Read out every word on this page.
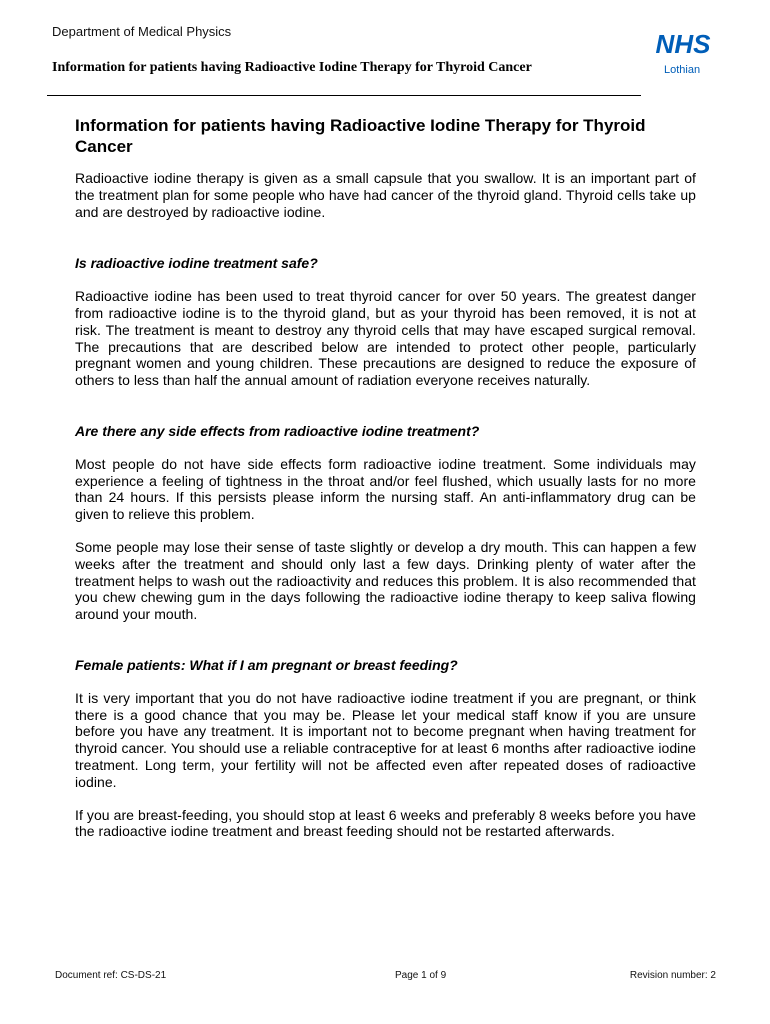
Department of Medical Physics
Information for patients having Radioactive Iodine Therapy for Thyroid Cancer
NHS
Lothian
Information for patients having Radioactive Iodine Therapy for Thyroid Cancer

Radioactive iodine therapy is given as a small capsule that you swallow. It is an important part of the treatment plan for some people who have had cancer of the thyroid gland. Thyroid cells take up and are destroyed by radioactive iodine.

Is radioactive iodine treatment safe?

Radioactive iodine has been used to treat thyroid cancer for over 50 years. The greatest danger from radioactive iodine is to the thyroid gland, but as your thyroid has been removed, it is not at risk. The treatment is meant to destroy any thyroid cells that may have escaped surgical removal. The precautions that are described below are intended to protect other people, particularly pregnant women and young children. These precautions are designed to reduce the exposure of others to less than half the annual amount of radiation everyone receives naturally.

Are there any side effects from radioactive iodine treatment?

Most people do not have side effects form radioactive iodine treatment. Some individuals may experience a feeling of tightness in the throat and/or feel flushed, which usually lasts for no more than 24 hours. If this persists please inform the nursing staff. An anti-inflammatory drug can be given to relieve this problem.

Some people may lose their sense of taste slightly or develop a dry mouth. This can happen a few weeks after the treatment and should only last a few days. Drinking plenty of water after the treatment helps to wash out the radioactivity and reduces this problem. It is also recommended that you chew chewing gum in the days following the radioactive iodine therapy to keep saliva flowing around your mouth.

Female patients: What if I am pregnant or breast feeding?

It is very important that you do not have radioactive iodine treatment if you are pregnant, or think there is a good chance that you may be. Please let your medical staff know if you are unsure before you have any treatment. It is important not to become pregnant when having treatment for thyroid cancer. You should use a reliable contraceptive for at least 6 months after radioactive iodine treatment. Long term, your fertility will not be affected even after repeated doses of radioactive iodine.

If you are breast-feeding, you should stop at least 6 weeks and preferably 8 weeks before you have the radioactive iodine treatment and breast feeding should not be restarted afterwards.

Document ref: CS-DS-21	Page 1 of 9	Revision number: 2
